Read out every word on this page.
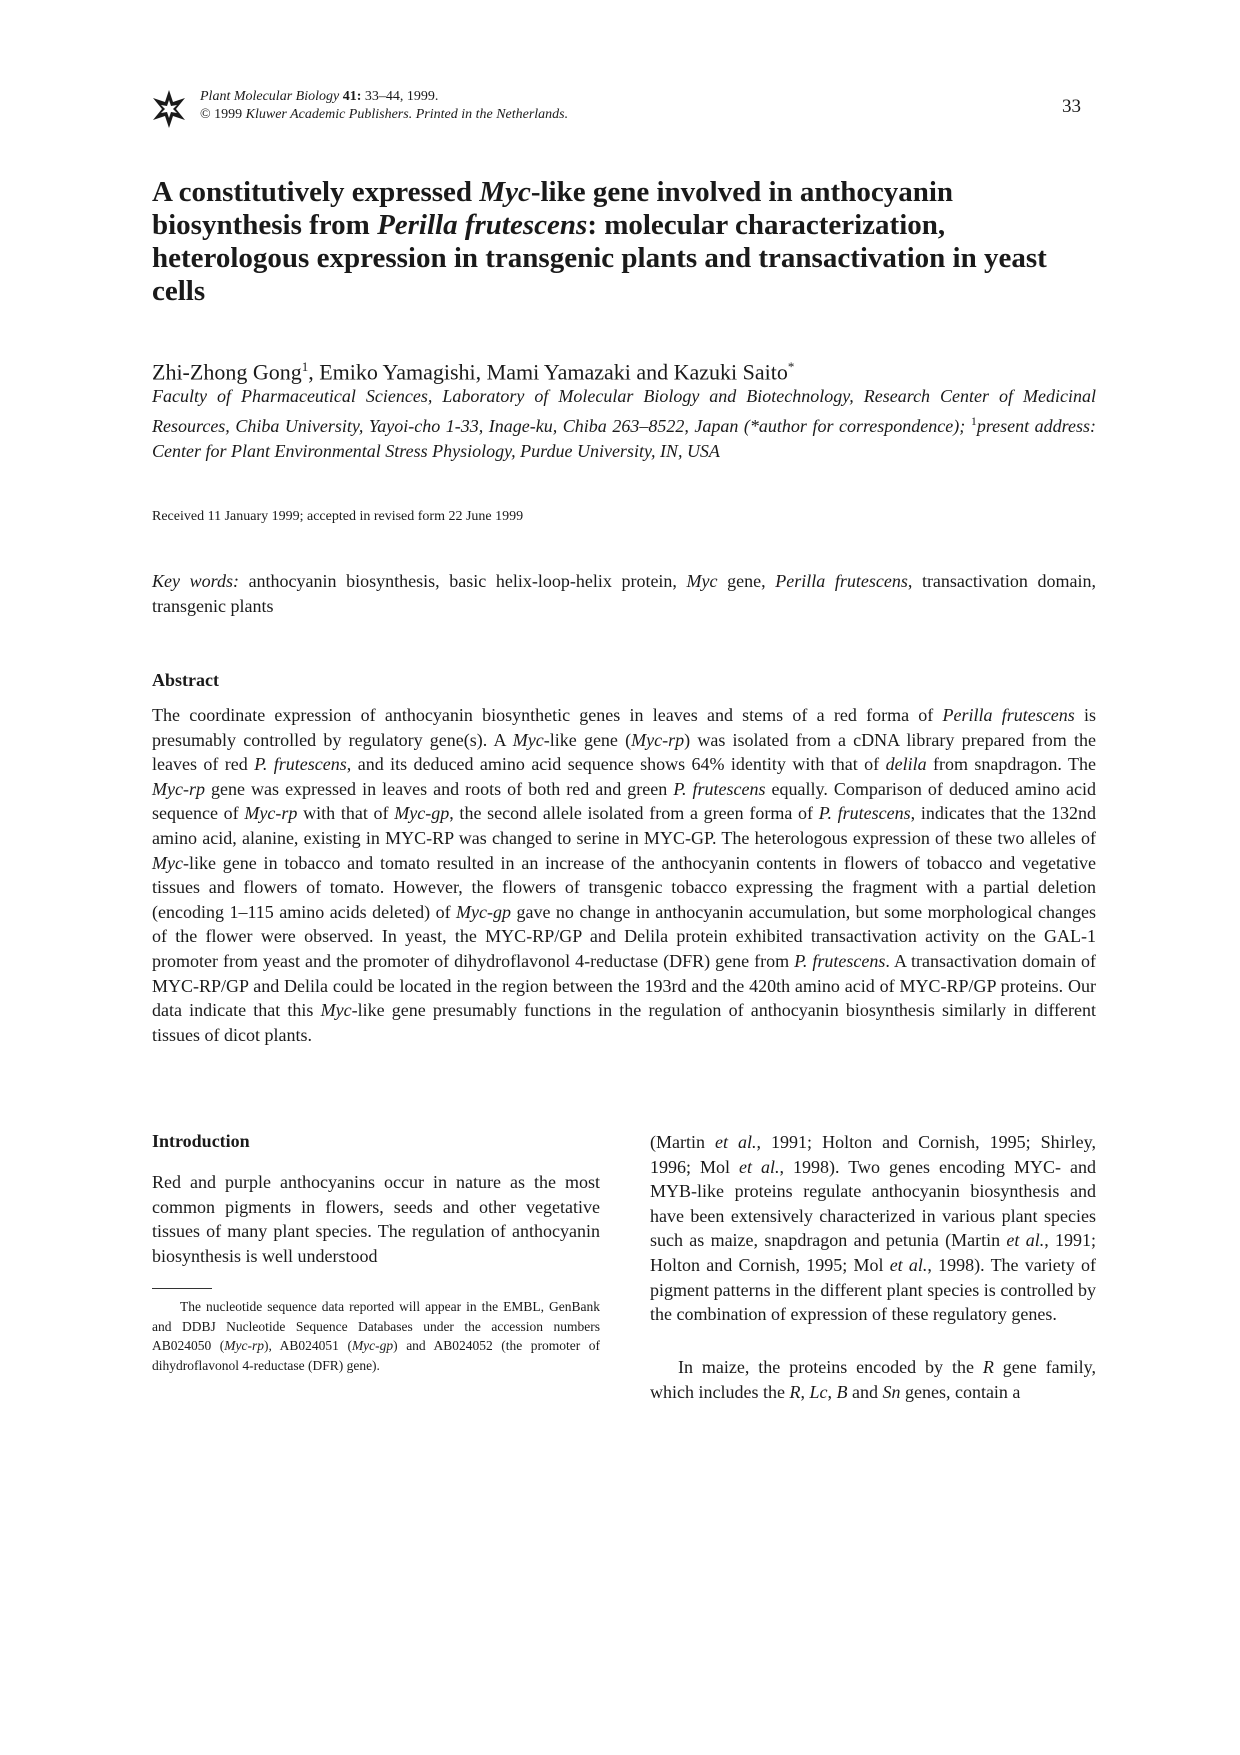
Plant Molecular Biology 41: 33–44, 1999.
© 1999 Kluwer Academic Publishers. Printed in the Netherlands.	33
A constitutively expressed Myc-like gene involved in anthocyanin biosynthesis from Perilla frutescens: molecular characterization, heterologous expression in transgenic plants and transactivation in yeast cells
Zhi-Zhong Gong$^1$, Emiko Yamagishi, Mami Yamazaki and Kazuki Saito*
Faculty of Pharmaceutical Sciences, Laboratory of Molecular Biology and Biotechnology, Research Center of Medicinal Resources, Chiba University, Yayoi-cho 1-33, Inage-ku, Chiba 263–8522, Japan (*author for correspondence); $^1$present address: Center for Plant Environmental Stress Physiology, Purdue University, IN, USA
Received 11 January 1999; accepted in revised form 22 June 1999
Key words: anthocyanin biosynthesis, basic helix-loop-helix protein, Myc gene, Perilla frutescens, transactivation domain, transgenic plants
Abstract
The coordinate expression of anthocyanin biosynthetic genes in leaves and stems of a red forma of Perilla frutescens is presumably controlled by regulatory gene(s). A Myc-like gene (Myc-rp) was isolated from a cDNA library prepared from the leaves of red P. frutescens, and its deduced amino acid sequence shows 64% identity with that of delila from snapdragon. The Myc-rp gene was expressed in leaves and roots of both red and green P. frutescens equally. Comparison of deduced amino acid sequence of Myc-rp with that of Myc-gp, the second allele isolated from a green forma of P. frutescens, indicates that the 132nd amino acid, alanine, existing in MYC-RP was changed to serine in MYC-GP. The heterologous expression of these two alleles of Myc-like gene in tobacco and tomato resulted in an increase of the anthocyanin contents in flowers of tobacco and vegetative tissues and flowers of tomato. However, the flowers of transgenic tobacco expressing the fragment with a partial deletion (encoding 1–115 amino acids deleted) of Myc-gp gave no change in anthocyanin accumulation, but some morphological changes of the flower were observed. In yeast, the MYC-RP/GP and Delila protein exhibited transactivation activity on the GAL-1 promoter from yeast and the promoter of dihydroflavonol 4-reductase (DFR) gene from P. frutescens. A transactivation domain of MYC-RP/GP and Delila could be located in the region between the 193rd and the 420th amino acid of MYC-RP/GP proteins. Our data indicate that this Myc-like gene presumably functions in the regulation of anthocyanin biosynthesis similarly in different tissues of dicot plants.
Introduction
Red and purple anthocyanins occur in nature as the most common pigments in flowers, seeds and other vegetative tissues of many plant species. The regulation of anthocyanin biosynthesis is well understood

The nucleotide sequence data reported will appear in the EMBL, GenBank and DDBJ Nucleotide Sequence Databases under the accession numbers AB024050 (Myc-rp), AB024051 (Myc-gp) and AB024052 (the promoter of dihydroflavonol 4-reductase (DFR) gene).

(Martin et al., 1991; Holton and Cornish, 1995; Shirley, 1996; Mol et al., 1998). Two genes encoding MYC- and MYB-like proteins regulate anthocyanin biosynthesis and have been extensively characterized in various plant species such as maize, snapdragon and petunia (Martin et al., 1991; Holton and Cornish, 1995; Mol et al., 1998). The variety of pigment patterns in the different plant species is controlled by the combination of expression of these regulatory genes.

In maize, the proteins encoded by the R gene family, which includes the R, Lc, B and Sn genes, contain a
